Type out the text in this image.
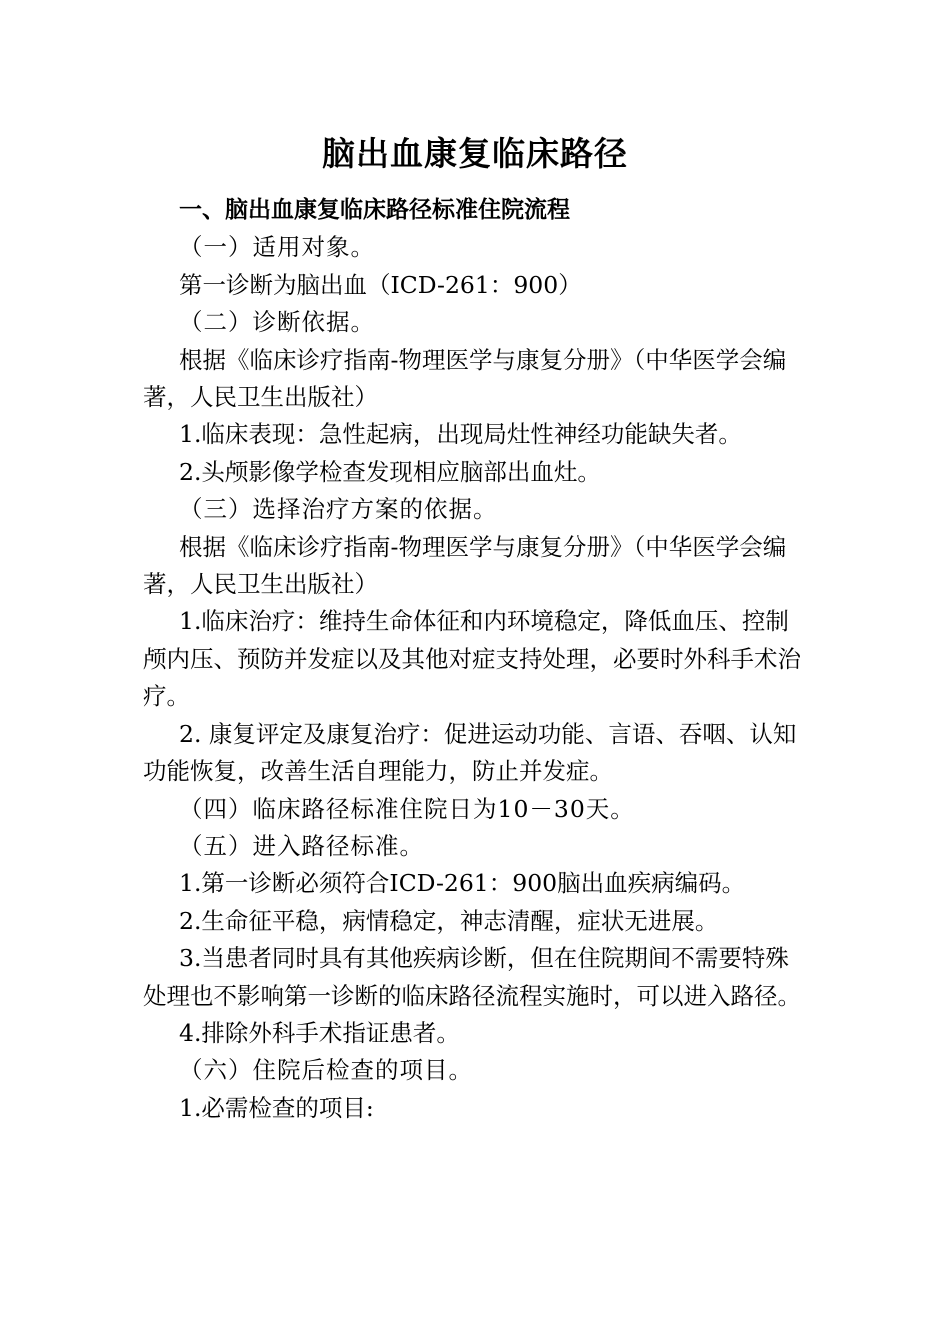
脑出血康复临床路径

一、脑出血康复临床路径标准住院流程

（一）适用对象。

第一诊断为脑出血（ICD-261：900）

（二）诊断依据。

根据《临床诊疗指南-物理医学与康复分册》（中华医学会编著，人民卫生出版社）

1.临床表现：急性起病，出现局灶性神经功能缺失者。

2.头颅影像学检查发现相应脑部出血灶。

（三）选择治疗方案的依据。

根据《临床诊疗指南-物理医学与康复分册》（中华医学会编著，人民卫生出版社）

1.临床治疗：维持生命体征和内环境稳定，降低血压、控制颅内压、预防并发症以及其他对症支持处理，必要时外科手术治疗。

2. 康复评定及康复治疗：促进运动功能、言语、吞咽、认知功能恢复，改善生活自理能力，防止并发症。

（四）临床路径标准住院日为10－30天。

（五）进入路径标准。

1.第一诊断必须符合ICD-261：900脑出血疾病编码。

2.生命征平稳，病情稳定，神志清醒，症状无进展。

3.当患者同时具有其他疾病诊断，但在住院期间不需要特殊处理也不影响第一诊断的临床路径流程实施时，可以进入路径。

4.排除外科手术指证患者。

（六）住院后检查的项目。

1.必需检查的项目:
